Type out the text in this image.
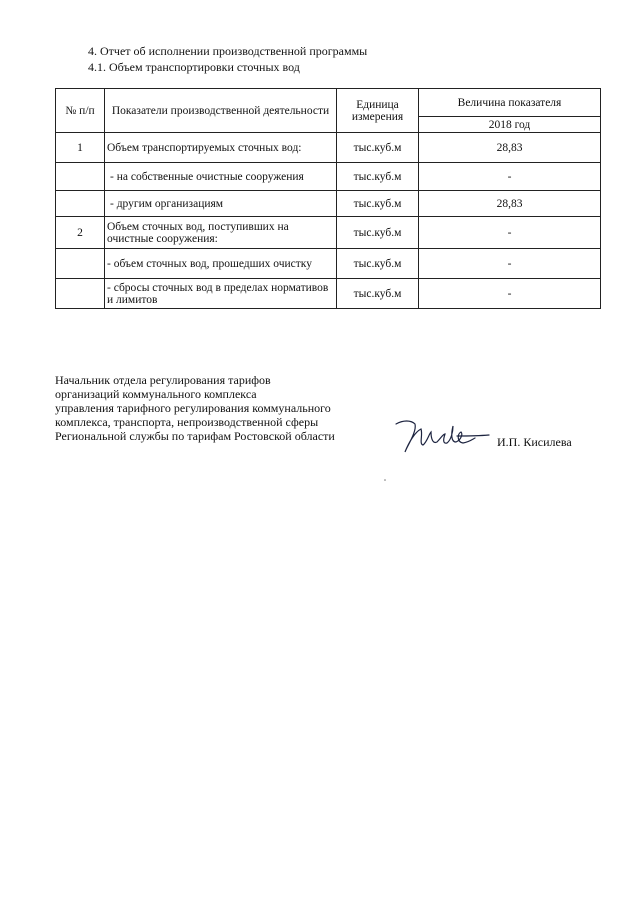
4. Отчет об исполнении производственной программы
4.1. Объем транспортировки сточных вод
№ п/п	Показатели производственной деятельности	Единица измерения	Величина показателя
			2018 год
1	Объем транспортируемых сточных вод:	тыс.куб.м	28,83
	- на собственные очистные сооружения	тыс.куб.м	-
	- другим организациям	тыс.куб.м	28,83
2	Объем сточных вод, поступивших на очистные сооружения:	тыс.куб.м	-
	- объем сточных вод, прошедших очистку	тыс.куб.м	-
	- сбросы сточных вод в пределах нормативов и лимитов	тыс.куб.м	-
Начальник отдела регулирования тарифов
организаций коммунального комплекса
управления тарифного регулирования коммунального
комплекса, транспорта, непроизводственной сферы
Региональной службы по тарифам Ростовской области	И.П. Кисилева
